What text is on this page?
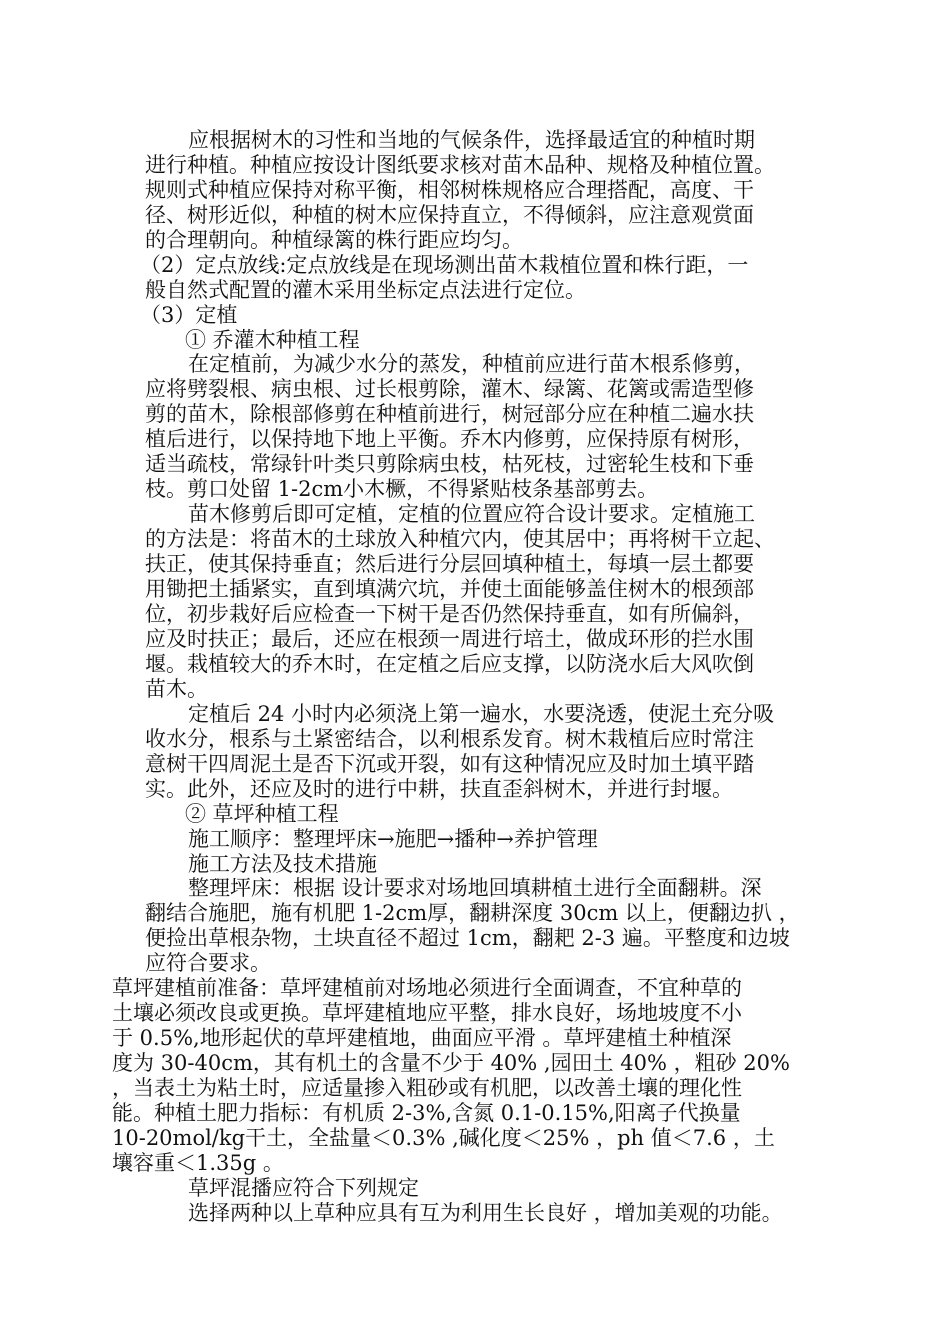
应根据树木的习性和当地的气候条件，选择最适宜的种植时期
进行种植。种植应按设计图纸要求核对苗木品种、规格及种植位置。
规则式种植应保持对称平衡，相邻树株规格应合理搭配，高度、干
径、树形近似，种植的树木应保持直立，不得倾斜，应注意观赏面
的合理朝向。种植绿篱的株行距应均匀。
（2）定点放线:定点放线是在现场测出苗木栽植位置和株行距，一
般自然式配置的灌木采用坐标定点法进行定位。
（3）定植
① 乔灌木种植工程
在定植前，为减少水分的蒸发，种植前应进行苗木根系修剪，
应将劈裂根、病虫根、过长根剪除，灌木、绿篱、花篱或需造型修
剪的苗木，除根部修剪在种植前进行，树冠部分应在种植二遍水扶
植后进行，以保持地下地上平衡。乔木内修剪，应保持原有树形，
适当疏枝，常绿针叶类只剪除病虫枝，枯死枝，过密轮生枝和下垂
枝。剪口处留 1-2cm小木橛，不得紧贴枝条基部剪去。
苗木修剪后即可定植，定植的位置应符合设计要求。定植施工
的方法是：将苗木的土球放入种植穴内，使其居中；再将树干立起、
扶正，使其保持垂直；然后进行分层回填种植土，每填一层土都要
用锄把土插紧实，直到填满穴坑，并使土面能够盖住树木的根颈部
位，初步栽好后应检查一下树干是否仍然保持垂直，如有所偏斜，
应及时扶正；最后，还应在根颈一周进行培土，做成环形的拦水围
堰。栽植较大的乔木时，在定植之后应支撑，以防浇水后大风吹倒
苗木。
定植后 24 小时内必须浇上第一遍水，水要浇透，使泥土充分吸
收水分，根系与土紧密结合，以利根系发育。树木栽植后应时常注
意树干四周泥土是否下沉或开裂，如有这种情况应及时加土填平踏
实。此外，还应及时的进行中耕，扶直歪斜树木，并进行封堰。
② 草坪种植工程
施工顺序：整理坪床→施肥→播种→养护管理
施工方法及技术措施
整理坪床：根据 设计要求对场地回填耕植土进行全面翻耕。深
翻结合施肥，施有机肥 1-2cm厚，翻耕深度 30cm 以上，便翻边扒 ，
便捡出草根杂物，土块直径不超过 1cm，翻耙 2-3 遍。平整度和边坡
应符合要求。
草坪建植前准备：草坪建植前对场地必须进行全面调查，不宜种草的
土壤必须改良或更换。草坪建植地应平整，排水良好，场地坡度不小
于 0.5%,地形起伏的草坪建植地，曲面应平滑 。草坪建植土种植深
度为 30-40cm，其有机土的含量不少于 40% ,园田土 40% ，粗砂 20%
，当表土为粘土时，应适量掺入粗砂或有机肥，以改善土壤的理化性
能。种植土肥力指标：有机质 2-3%,含氮 0.1-0.15%,阳离子代换量
10-20mol/kg干土，全盐量＜0.3% ,碱化度＜25% ，ph 值＜7.6 ，土
壤容重＜1.35g 。
草坪混播应符合下列规定
选择两种以上草种应具有互为利用生长良好 ，增加美观的功能。
